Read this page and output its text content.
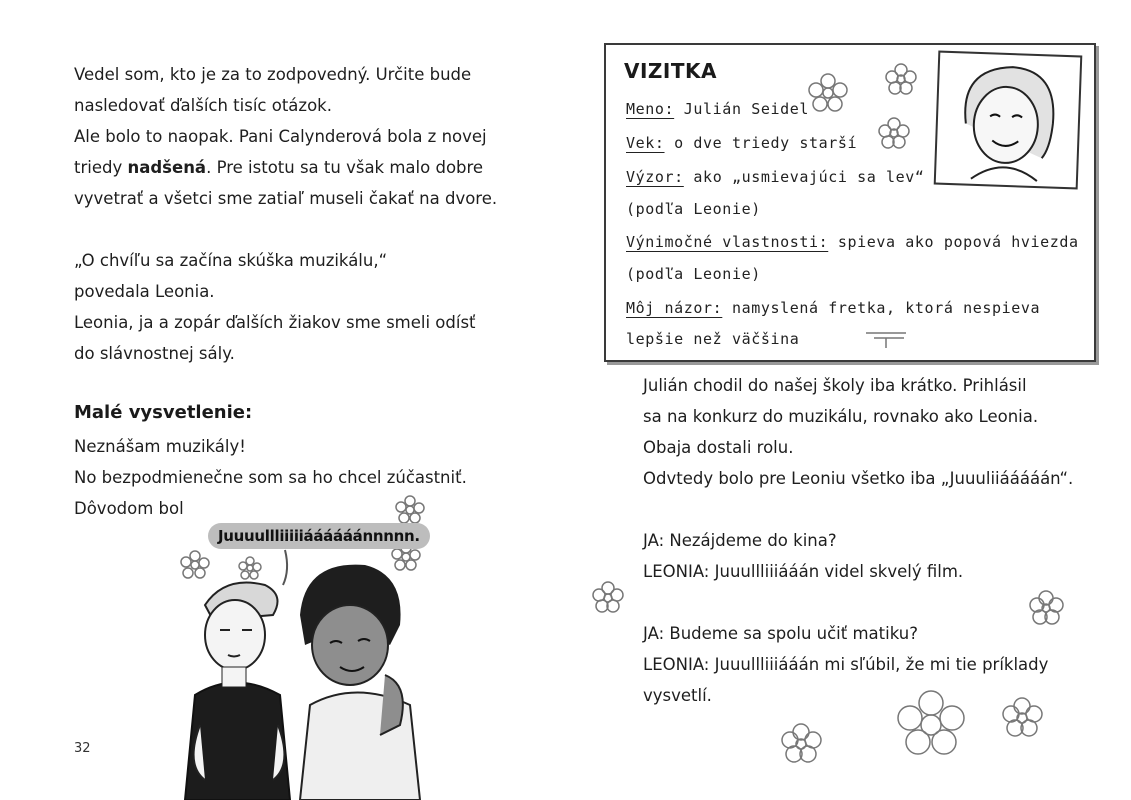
Vedel som, kto je za to zodpovedný. Určite bude
nasledovať ďalších tisíc otázok.
Ale bolo to naopak. Pani Calynderová bola z novej
triedy nadšená. Pre istotu sa tu však malo dobre
vyvetrať a všetci sme zatiaľ museli čakať na dvore.
„O chvíľu sa začína skúška muzikálu,“
povedala Leonia.
Leonia, ja a zopár ďalších žiakov sme smeli odísť
do slávnostnej sály.
Malé vysvetlenie:
Neznášam muzikály!
No bezpodmienečne som sa ho chcel zúčastniť.
Dôvodom bol
Juuuullliiiiiáááááánnnnn.
32
VIZITKA
Meno: Julián Seidel
Vek: o dve triedy starší
Výzor: ako „usmievajúci sa lev“
(podľa Leonie)
Výnimočné vlastnosti: spieva ako popová hviezda
(podľa Leonie)
Môj názor: namyslená fretka, ktorá nespieva
lepšie než väčšina
Julián chodil do našej školy iba krátko. Prihlásil
sa na konkurz do muzikálu, rovnako ako Leonia.
Obaja dostali rolu.
Odvtedy bolo pre Leoniu všetko iba „Juuuliiááááán“.
JA: Nezájdeme do kina?
LEONIA: Juuullliiiááán videl skvelý film.
JA: Budeme sa spolu učiť matiku?
LEONIA: Juuullliiiááán mi sľúbil, že mi tie príklady
vysvetlí.
